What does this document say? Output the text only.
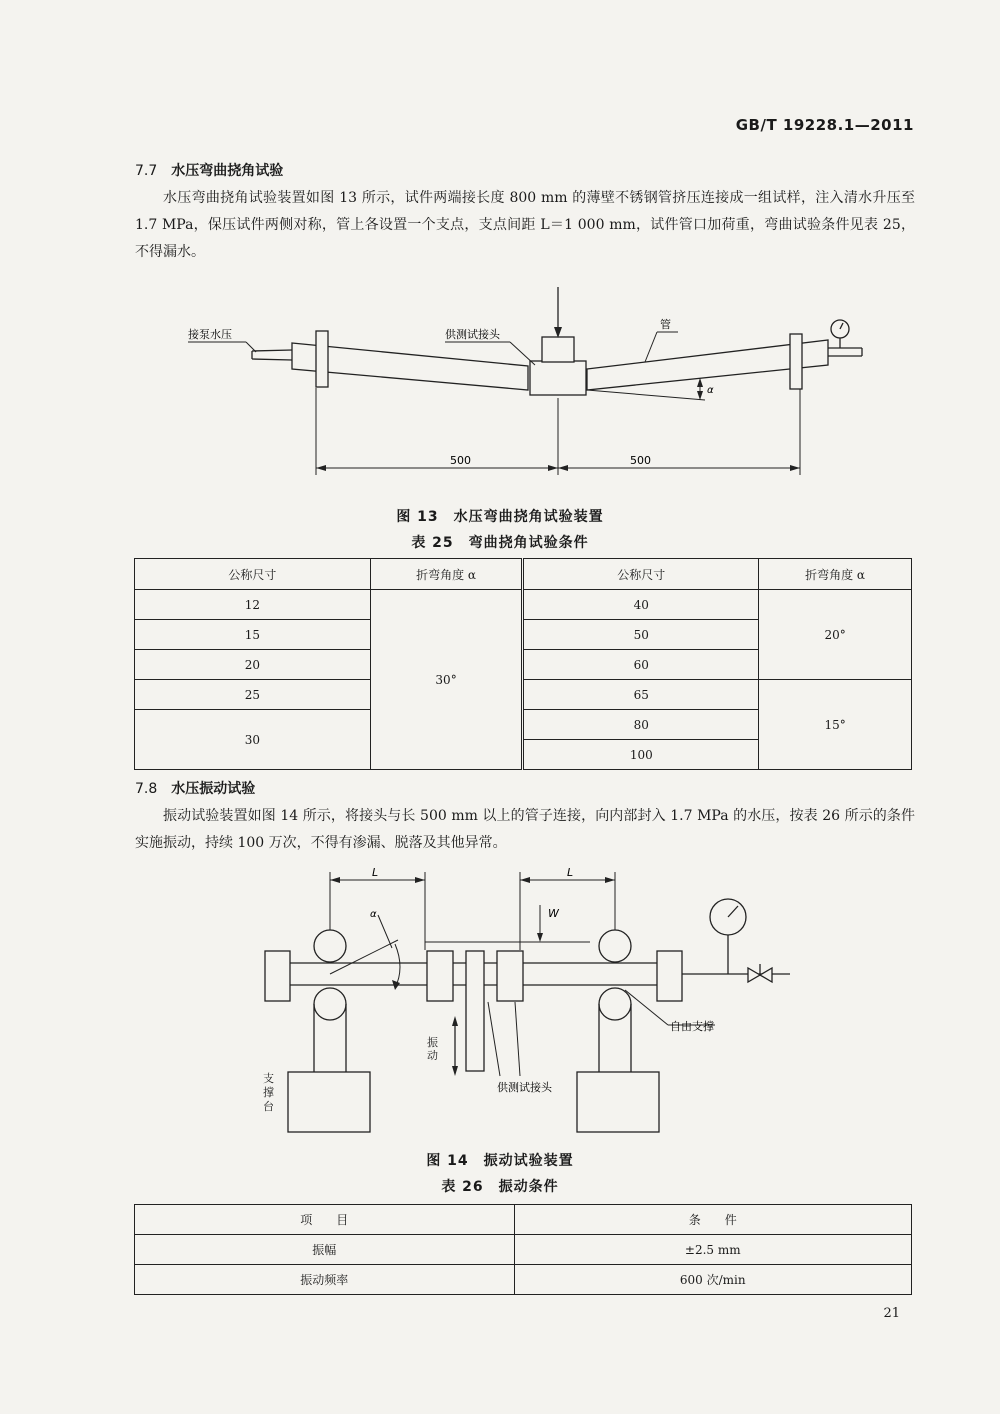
GB/T 19228.1—2011
7.7 水压弯曲挠角试验
水压弯曲挠角试验装置如图 13 所示，试件两端接长度 800 mm 的薄壁不锈钢管挤压连接成一组试样，注入清水升压至 1.7 MPa，保压试件两侧对称，管上各设置一个支点，支点间距 L＝1 000 mm，试件管口加荷重，弯曲试验条件见表 25，不得漏水。
接泵水压	供测试接头
管
α
500	500
L	L
W
α
供测试接头
自由支撑
振动
支撑台
图 13　水压弯曲挠角试验装置
表 25　弯曲挠角试验条件
公称尺寸	折弯角度 α	公称尺寸	折弯角度 α
12	30°	40	20°
15		50	
20		60	
25		65	15°
30		80	
		100	
7.8 水压振动试验
振动试验装置如图 14 所示，将接头与长 500 mm 以上的管子连接，向内部封入 1.7 MPa 的水压，按表 26 所示的条件实施振动，持续 100 万次，不得有渗漏、脱落及其他异常。
图 14　振动试验装置
表 26　振动条件
项　　目	条　　件
振幅	±2.5 mm
振动频率	600 次/min
21
